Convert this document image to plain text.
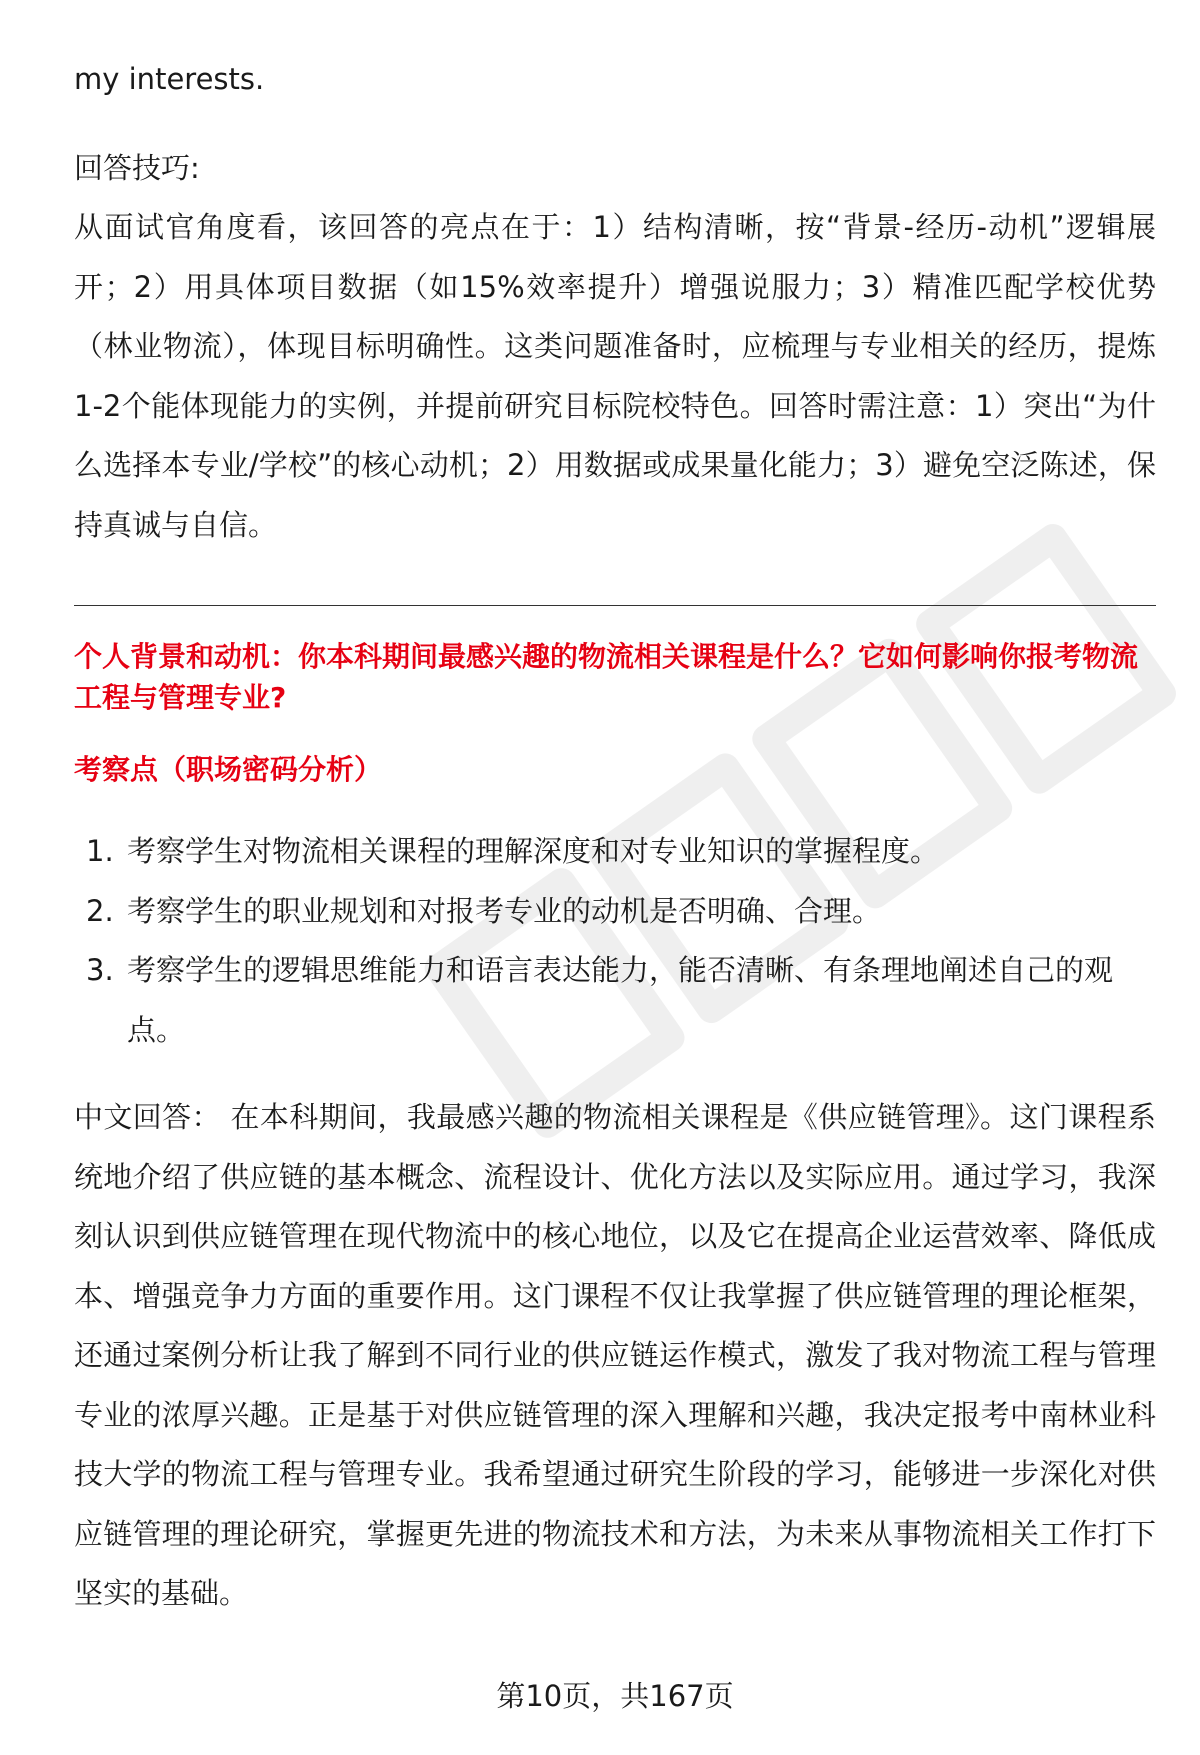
my interests.

回答技巧:

从面试官角度看，该回答的亮点在于：1）结构清晰，按“背景-经历-动机”逻辑展开；2）用具体项目数据（如15%效率提升）增强说服力；3）精准匹配学校优势（林业物流），体现目标明确性。这类问题准备时，应梳理与专业相关的经历，提炼1-2个能体现能力的实例，并提前研究目标院校特色。回答时需注意：1）突出“为什么选择本专业/学校”的核心动机；2）用数据或成果量化能力；3）避免空泛陈述，保持真诚与自信。

个人背景和动机：你本科期间最感兴趣的物流相关课程是什么？它如何影响你报考物流工程与管理专业?

考察点（职场密码分析）

1. 考察学生对物流相关课程的理解深度和对专业知识的掌握程度。
2. 考察学生的职业规划和对报考专业的动机是否明确、合理。
3. 考察学生的逻辑思维能力和语言表达能力，能否清晰、有条理地阐述自己的观点。

中文回答： 在本科期间，我最感兴趣的物流相关课程是《供应链管理》。这门课程系统地介绍了供应链的基本概念、流程设计、优化方法以及实际应用。通过学习，我深刻认识到供应链管理在现代物流中的核心地位，以及它在提高企业运营效率、降低成本、增强竞争力方面的重要作用。这门课程不仅让我掌握了供应链管理的理论框架，还通过案例分析让我了解到不同行业的供应链运作模式，激发了我对物流工程与管理专业的浓厚兴趣。正是基于对供应链管理的深入理解和兴趣，我决定报考中南林业科技大学的物流工程与管理专业。我希望通过研究生阶段的学习，能够进一步深化对供应链管理的理论研究，掌握更先进的物流技术和方法，为未来从事物流相关工作打下坚实的基础。

第10页，共167页
